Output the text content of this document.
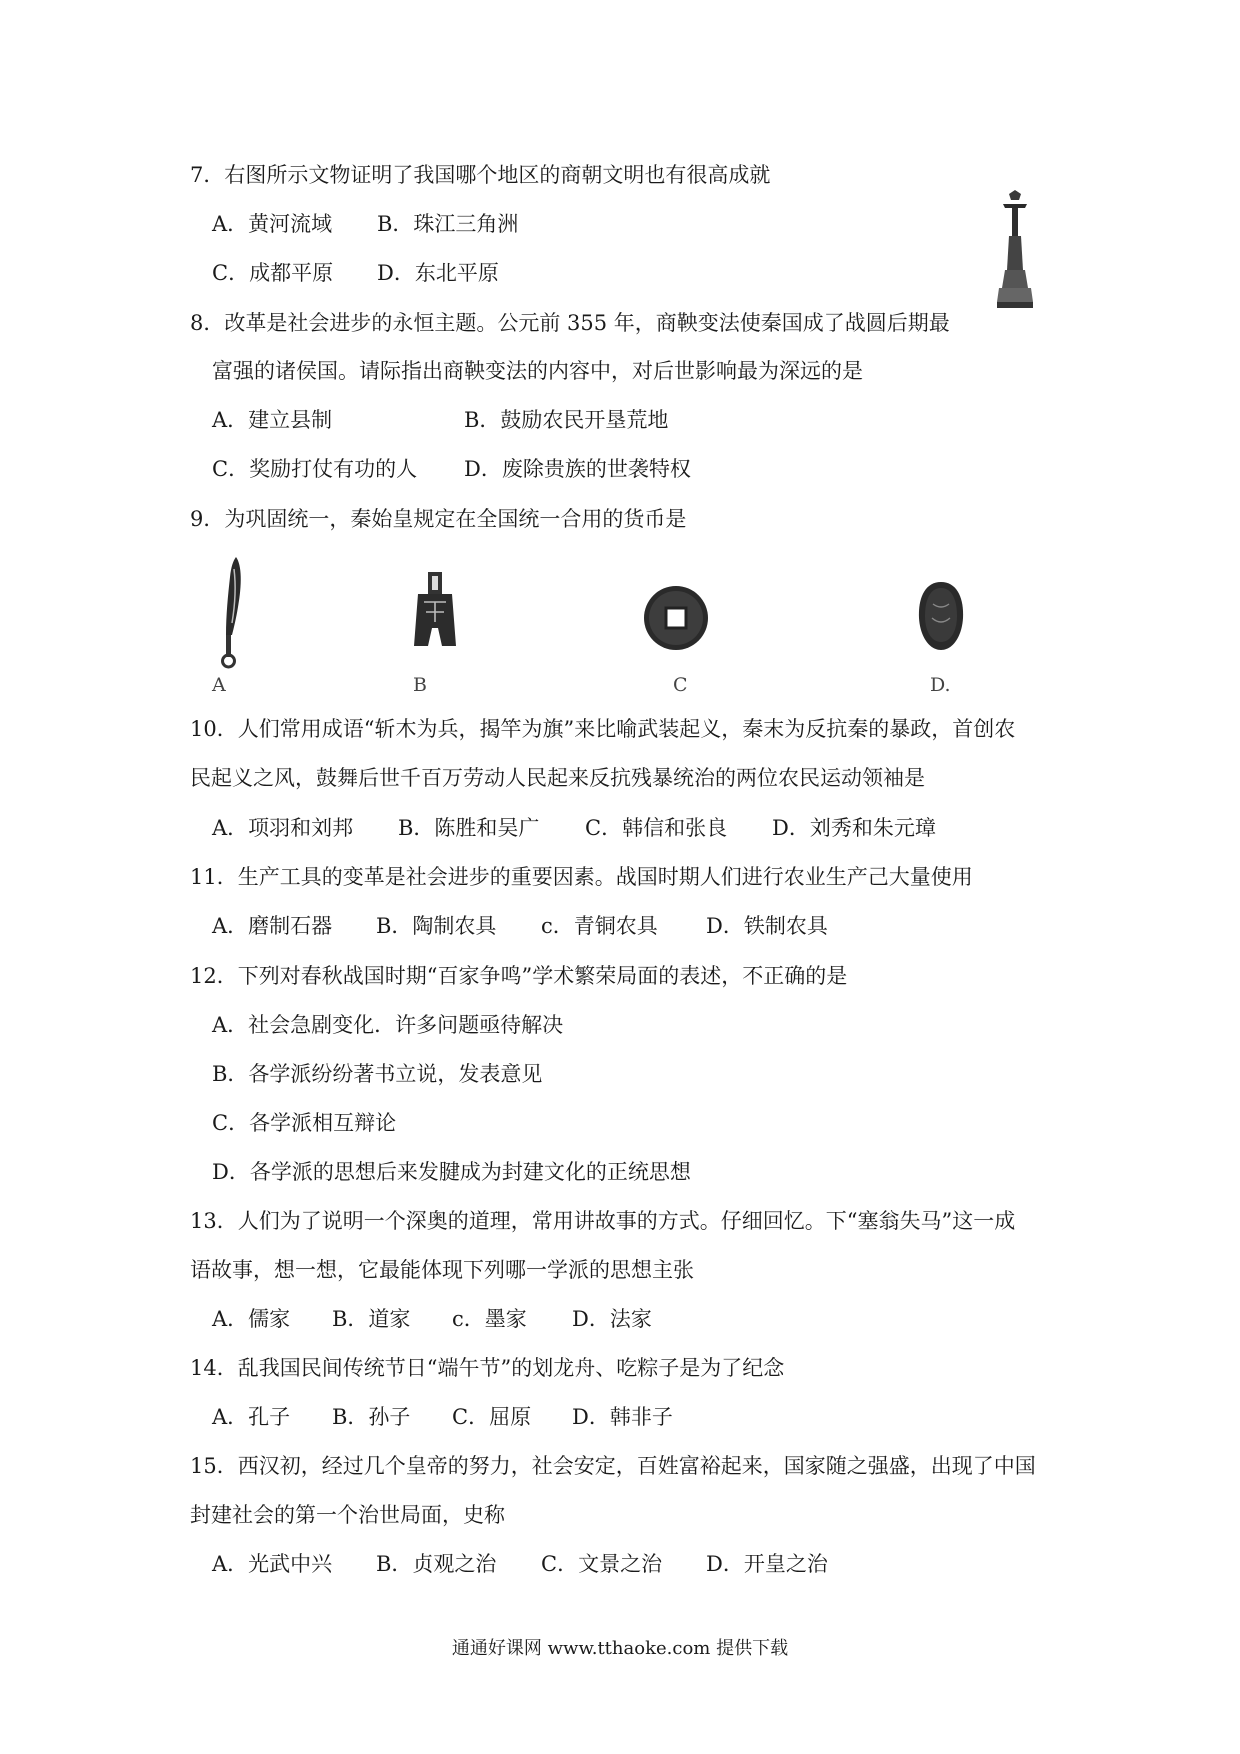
7．右图所示文物证明了我国哪个地区的商朝文明也有很高成就
A．黄河流域 B．珠江三角洲
C．成都平原 D．东北平原
8．改革是社会进步的永恒主题。公元前 355 年，商鞅变法使秦国成了战圆后期最
富强的诸侯国。请际指出商鞅变法的内容中，对后世影响最为深远的是
A．建立县制	B．鼓励农民开垦荒地
C．奖励打仗有功的人 D．废除贵族的世袭特权
9．为巩固统一，秦始皇规定在全国统一合用的货币是
A	B	C	D.
10．人们常用成语“斩木为兵，揭竿为旗”来比喻武装起义，秦末为反抗秦的暴政，首创农
民起义之风，鼓舞后世千百万劳动人民起来反抗残暴统治的两位农民运动领袖是
A．项羽和刘邦 B．陈胜和吴广 C．韩信和张良 D．刘秀和朱元璋
11．生产工具的变革是社会进步的重要因素。战国时期人们进行农业生产己大量使用
A．磨制石器 B．陶制农具 c．青铜农具 D．铁制农具
12．下列对春秋战国时期“百家争鸣”学术繁荣局面的表述，不正确的是
A．社会急剧变化．许多问题亟待解决
B．各学派纷纷著书立说，发表意见
C．各学派相互辩论
D．各学派的思想后来发腱成为封建文化的正统思想
13．人们为了说明一个深奥的道理，常用讲故事的方式。仔细回忆。下“塞翁失马”这一成
语故事，想一想，它最能体现下列哪一学派的思想主张
A．儒家 B．道家 c．墨家 D．法家
14．乱我国民间传统节日“端午节”的划龙舟、吃粽子是为了纪念
A．孔子 B．孙子 C．屈原 D．韩非子
15．西汉初，经过几个皇帝的努力，社会安定，百姓富裕起来，国家随之强盛，出现了中国
封建社会的第一个治世局面，史称
A．光武中兴 B．贞观之治 C．文景之治 D．开皇之治
通通好课网 www.tthaoke.com 提供下载
